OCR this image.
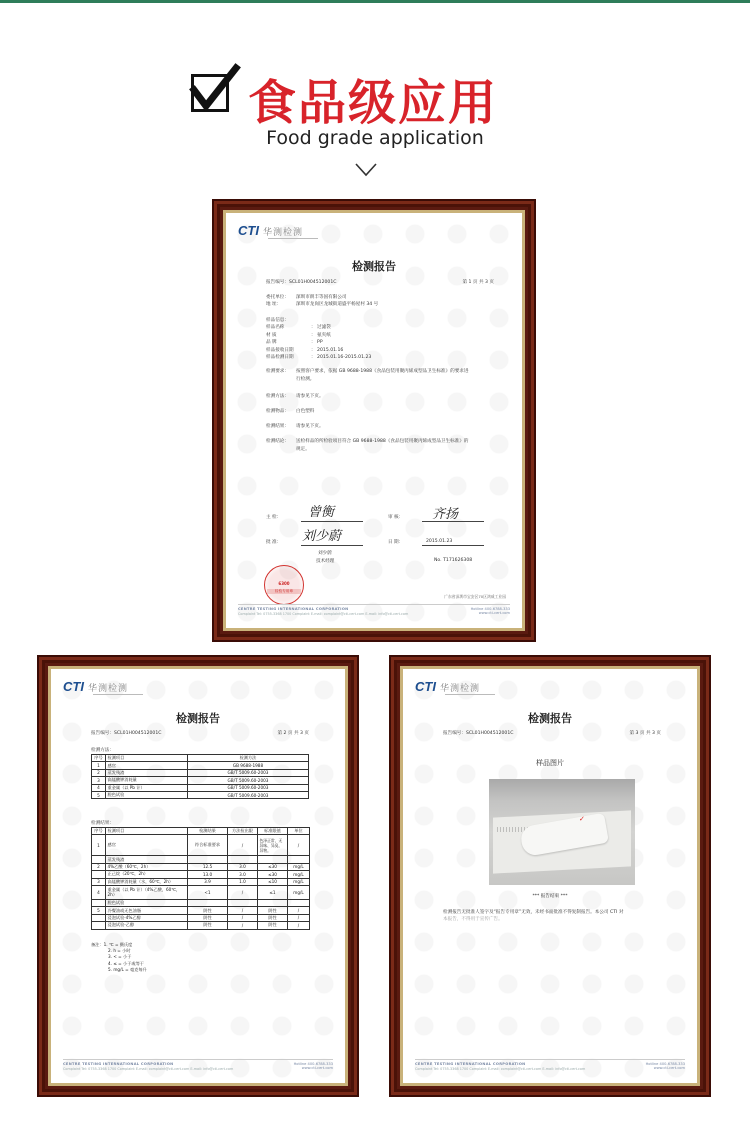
食品级应用
Food grade application
CTI 华测检测
检测报告
报告编号：SCL01H004512001C	第 1 页 共 3 页
委托单位：	深圳市朗丰等国有限公司
地 址：	深圳市龙岗区龙城街道盛平杨屋村 34 号
样品信息：
样品名称	： 过滤袋
材 质	： 氨夹纸
品 牌	： PP
样品接收日期	： 2015.01.16
样品检测日期	： 2015.01.16-2015.01.23
检测要求：	按照客户要求，依据 GB 9688-1988《食品包装用聚丙烯成型品卫生标准》的要求进
行检测。
检测方法：	请参见下页。
检测物品：	白色塑料
检测结果：	请参见下页。
检测结论：	送检样品的所检验项目符合 GB 9688-1988《食品包装用聚丙烯成型品卫生标准》的
规定。
主 检： 曾衡	审 核： 齐扬
批 准： 刘少蔚	日 期：	2015.01.23
刘少蔚
技术经理	No. T171626308
6300
检验专用章
CENTRE TESTING INTERNATIONAL CORPORATION
Complaint Tel: 0755-3368 1700 Complaint E-mail: complaint@cti-cert.com E-mail: info@cti-cert.com
Hotline 400-6788-333
www.cti-cert.com
广东省深圳市宝安区70区鸿威工业园
CTI 华测检测
检测报告
报告编号：SCL01H004512001C	第 2 页 共 3 页
检测方法：
序号	检测项目	检测方法
1	感官	GB 9688-1988
2	蒸发残渣	GB/T 5009.60-2003
3	高锰酸钾消耗量	GB/T 5009.60-2003
4	重金属（以 Pb 计）	GB/T 5009.60-2003
5	脱色试验	GB/T 5009.60-2003
检测结果：
序号	检测项目	检测结果	方法检出限	标准限值	单位
1	感官	符合标准要求	/	色泽正常，无异味、异臭、异物。	/
	蒸发残渣				
2	4%乙酸（60℃，2h）	12.5	3.0	≤30	mg/L
	正己烷（20℃，2h）	13.0	3.0	≤30	mg/L
3	高锰酸钾消耗量（水，60℃，2h）	3.9	1.0	≤10	mg/L
4	重金属（以 Pb 计）（4%乙酸，60℃，2h）	<1	/	≤1	mg/L
	脱色试验				
5	冷餐油或无色油脂	阴性	/	阴性	/
	浸泡试验-4%乙醇	阴性	/	阴性	/
	浸泡试验-乙醇	阴性	/	阴性	/
备注：1. ℃ = 摄氏度
2. h = 小时
3. < = 小于
4. ≤ = 小于或等于
5. mg/L = 毫克每升
CENTRE TESTING INTERNATIONAL CORPORATION
Complaint Tel: 0755-3368 1700 Complaint E-mail: complaint@cti-cert.com E-mail: info@cti-cert.com
Hotline 400-6788-333
www.cti-cert.com
CTI 华测检测
检测报告
报告编号：SCL01H004512001C	第 3 页 共 3 页
样品图片
✓
*** 报告结束 ***
检测报告无批准人签字及“报告专用章”无效，未经书面批准不得复制报告。本公司 CTI 对
本报告，不得用于宣传广告。
CENTRE TESTING INTERNATIONAL CORPORATION
Complaint Tel: 0755-3368 1700 Complaint E-mail: complaint@cti-cert.com E-mail: info@cti-cert.com
Hotline 400-6788-333
www.cti-cert.com
